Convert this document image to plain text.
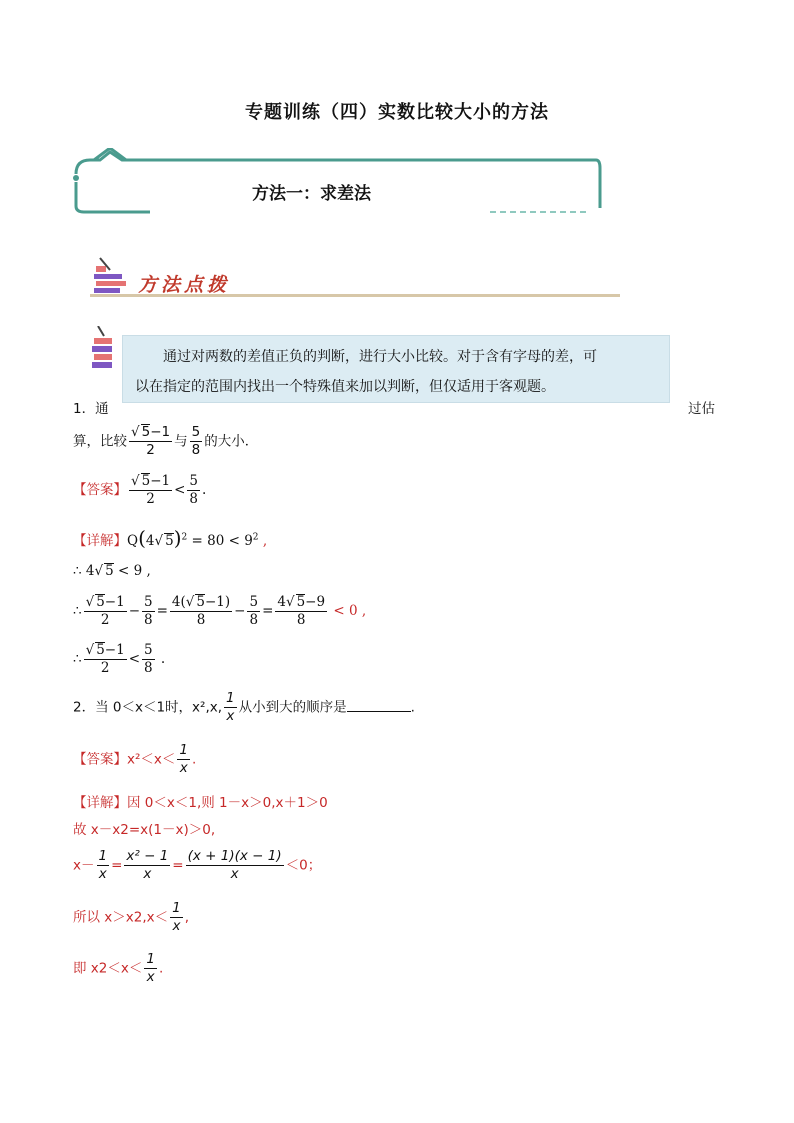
专题训练（四）实数比较大小的方法
方法一：求差法
方法点拨

通过对两数的差值正负的判断，进行大小比较。对于含有字母的差，可

以在指定的范围内找出一个特殊值来加以判断，但仅适用于客观题。
1．通	过估
算，比较 $\frac{√ 5-1}{2}$ 与 $\frac{5}{8}$ 的大小．
【答案】 $\frac{√ 5-1}{2} < \frac{5}{8}$ .
【详解】Q(4√ $5)^2 = 80 < 9^2$ ,
∴ 4√ 5 < 9 ,
∴ $\frac{√ 5-1}{2} - \frac{5}{8} = \frac{4(√ 5-1)}{8} - \frac{5}{8} = \frac{4√ 5-9}{8} < 0$ ,
∴ $\frac{√ 5-1}{2} < \frac{5}{8}$ .
2．当 0＜x＜1时，x²,x, $\frac{1}{x}$ 从小到大的顺序是	.
【答案】$x^2<x< \frac{1}{x}$ .
【详解】因 0＜x＜1,则 1－x＞0,x＋1＞0
故 x－x2=x(1－x)＞0,
$x- \frac{1}{x} = \frac{\text{x² − 1}}{x} = \frac{(x + 1)(x - 1)}{x} <0$；
所以 $x>x2,x< \frac{1}{x}$ ,
即 $x2<x< \frac{1}{x}$ .
